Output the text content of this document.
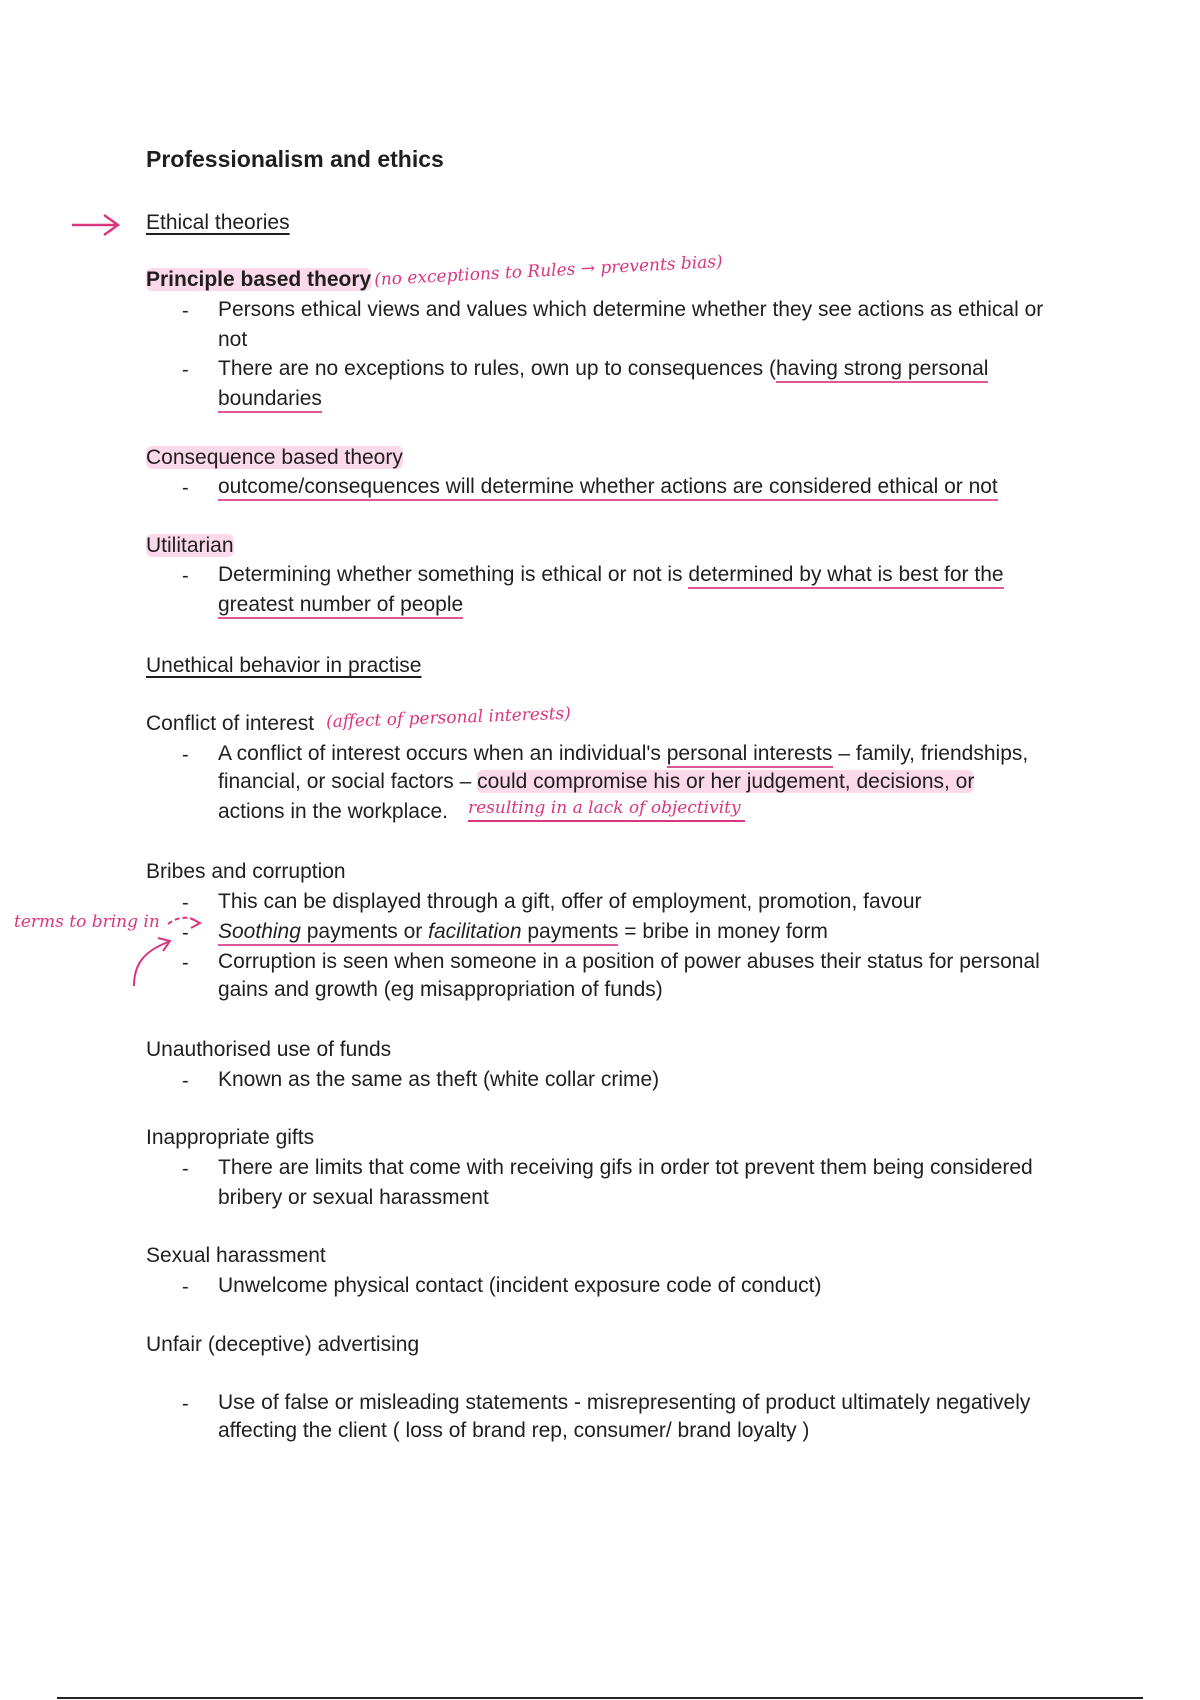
Professionalism and ethics
Ethical theories
Principle based theory (no exceptions to Rules → prevents bias)
- Persons ethical views and values which determine whether they see actions as ethical or
not
- There are no exceptions to rules, own up to consequences (having strong personal
boundaries
Consequence based theory
- outcome/consequences will determine whether actions are considered ethical or not
Utilitarian
- Determining whether something is ethical or not is determined by what is best for the
greatest number of people
Unethical behavior in practise
Conflict of interest (affect of personal interests)
- A conflict of interest occurs when an individual's personal interests – family, friendships,
financial, or social factors – could compromise his or her judgement, decisions, or
actions in the workplace. resulting in a lack of objectivity
Bribes and corruption
- This can be displayed through a gift, offer of employment, promotion, favour
terms to bring in - Soothing payments or facilitation payments = bribe in money form
- Corruption is seen when someone in a position of power abuses their status for personal
gains and growth (eg misappropriation of funds)
Unauthorised use of funds
- Known as the same as theft (white collar crime)
Inappropriate gifts
- There are limits that come with receiving gifs in order tot prevent them being considered
bribery or sexual harassment
Sexual harassment
- Unwelcome physical contact (incident exposure code of conduct)
Unfair (deceptive) advertising
- Use of false or misleading statements - misrepresenting of product ultimately negatively
affecting the client ( loss of brand rep, consumer/ brand loyalty )
